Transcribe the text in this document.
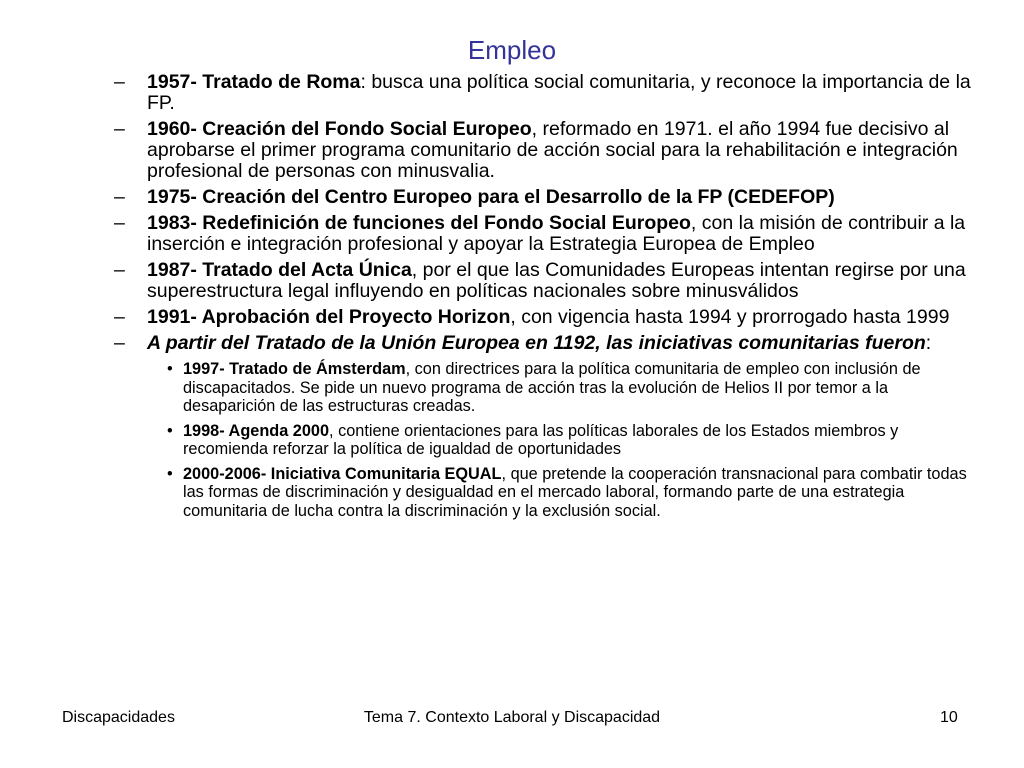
Empleo
– 1957- Tratado de Roma: busca una política social comunitaria, y reconoce la importancia de la FP.
– 1960- Creación del Fondo Social Europeo, reformado en 1971. el año 1994 fue decisivo al aprobarse el primer programa comunitario de acción social para la rehabilitación e integración profesional de personas con minusvalia.
– 1975- Creación del Centro Europeo para el Desarrollo de la FP (CEDEFOP)
– 1983- Redefinición de funciones del Fondo Social Europeo, con la misión de contribuir a la inserción e integración profesional y apoyar la Estrategia Europea de Empleo
– 1987- Tratado del Acta Única, por el que las Comunidades Europeas intentan regirse por una superestructura legal influyendo en políticas nacionales sobre minusválidos
– 1991- Aprobación del Proyecto Horizon, con vigencia hasta 1994 y prorrogado hasta 1999
– A partir del Tratado de la Unión Europea en 1192, las iniciativas comunitarias fueron:
• 1997- Tratado de Ámsterdam, con directrices para la política comunitaria de empleo con inclusión de discapacitados. Se pide un nuevo programa de acción tras la evolución de Helios II por temor a la desaparición de las estructuras creadas.
• 1998- Agenda 2000, contiene orientaciones para las políticas laborales de los Estados miembros y recomienda reforzar la política de igualdad de oportunidades
• 2000-2006- Iniciativa Comunitaria EQUAL, que pretende la cooperación transnacional para combatir todas las formas de discriminación y desigualdad en el mercado laboral, formando parte de una estrategia comunitaria de lucha contra la discriminación y la exclusión social.
Discapacidades	Tema 7. Contexto Laboral y Discapacidad	10
